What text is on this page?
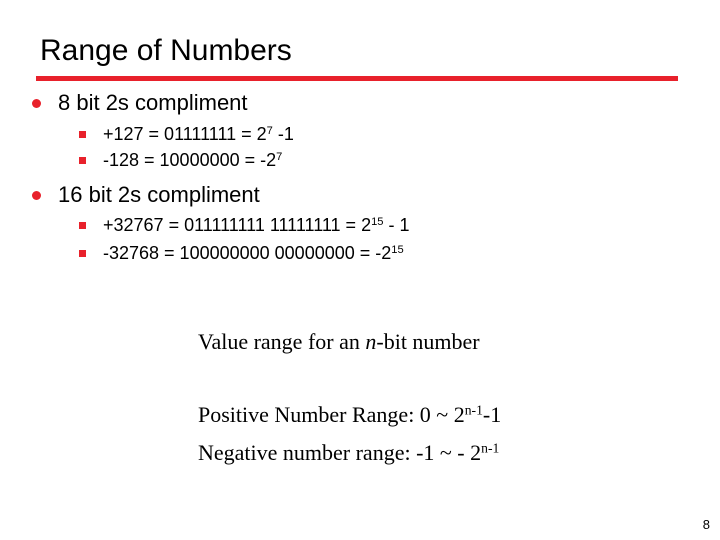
Range of Numbers
8 bit 2s compliment
$+127 = 01111111 = 2^7$ -1
$-128 = 10000000 = -2^7$
16 bit 2s compliment
+32767 = 011111111 $11111111 = 2^{15} - 1$
-32768 = 100000000 $00000000 = -2^{15}$
Value range for an n-bit number
Positive Number Range: 0 ~ 2$^{n-1}$-1
Negative number range: -1 ~ - 2$^{n-1}$
8
